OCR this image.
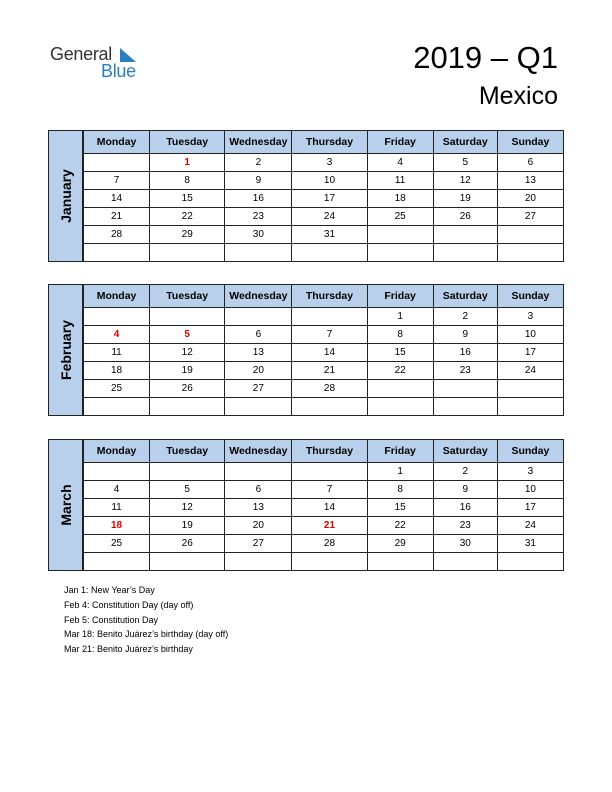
General
Blue	2019 – Q1
Mexico
January
Monday	Tuesday	Wednesday	Thursday	Friday	Saturday	Sunday
	1	2	3	4	5	6
7	8	9	10	11	12	13
14	15	16	17	18	19	20
21	22	23	24	25	26	27
28	29	30	31			

February
Monday	Tuesday	Wednesday	Thursday	Friday	Saturday	Sunday
				1	2	3
4	5	6	7	8	9	10
11	12	13	14	15	16	17
18	19	20	21	22	23	24
25	26	27	28			

March
Monday	Tuesday	Wednesday	Thursday	Friday	Saturday	Sunday
				1	2	3
4	5	6	7	8	9	10
11	12	13	14	15	16	17
18	19	20	21	22	23	24
25	26	27	28	29	30	31

Jan 1: New Year’s Day
Feb 4: Constitution Day (day off)
Feb 5: Constitution Day
Mar 18: Benito Juárez’s birthday (day off)
Mar 21: Benito Juárez’s birthday
